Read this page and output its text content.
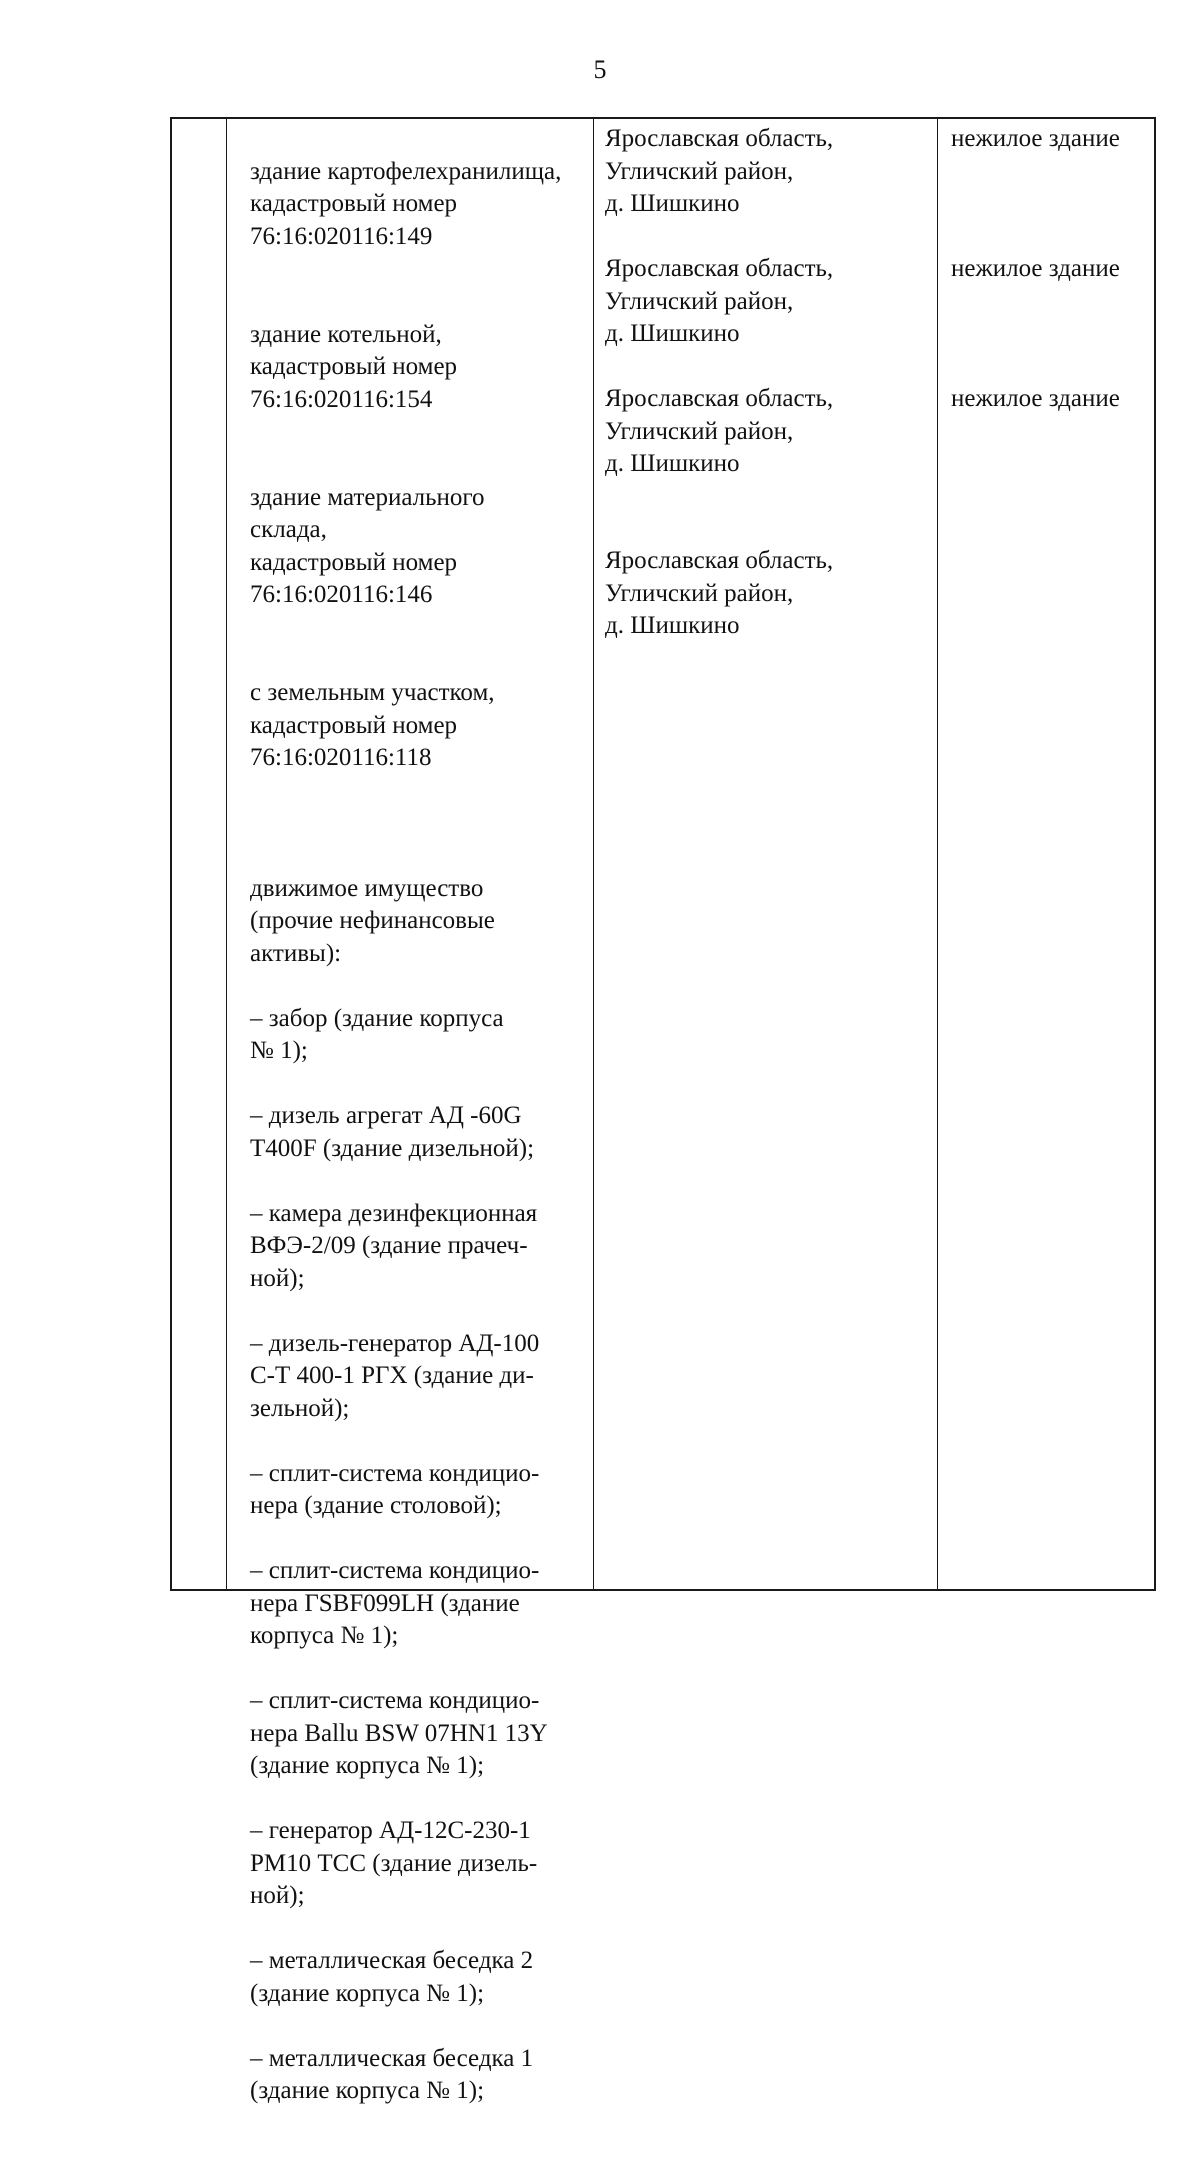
5

здание картофелехранилища,
кадастровый номер
76:16:020116:149

здание котельной,
кадастровый номер
76:16:020116:154

здание материального
склада,
кадастровый номер
76:16:020116:146

с земельным участком,
кадастровый номер
76:16:020116:118

движимое имущество
(прочие нефинансовые
активы):

– забор (здание корпуса
№ 1);

– дизель агрегат АД -60G
Т400F (здание дизельной);

– камера дезинфекционная
ВФЭ-2/09 (здание прачеч-
ной);

– дизель-генератор АД-100
С-Т 400-1 РГХ (здание ди-
зельной);

– сплит-система кондицио-
нера (здание столовой);

– сплит-система кондицио-
нера ГSBF099LH (здание
корпуса № 1);

– сплит-система кондицио-
нера Ballu BSW 07HN1 13Y
(здание корпуса № 1);

– генератор АД-12С-230-1
РМ10 ТСС (здание дизель-
ной);

– металлическая беседка 2
(здание корпуса № 1);

– металлическая беседка 1
(здание корпуса № 1);

Ярославская область,
Угличский район,
д. Шишкино
Ярославская область,
Угличский район,
д. Шишкино
Ярославская область,
Угличский район,
д. Шишкино
Ярославская область,
Угличский район,
д. Шишкино
нежилое здание
нежилое здание
нежилое здание
